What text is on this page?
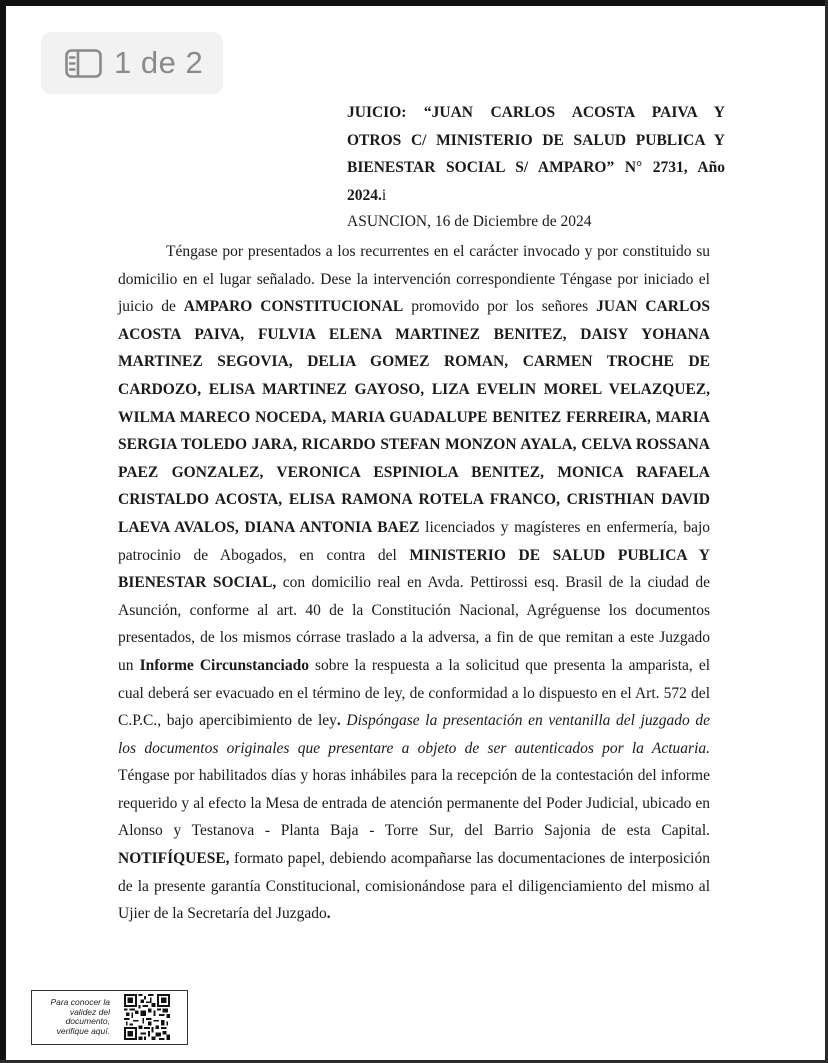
1 de 2
JUICIO: “JUAN CARLOS ACOSTA PAIVA Y
OTROS C/ MINISTERIO DE SALUD PUBLICA Y
BIENESTAR SOCIAL S/ AMPARO” N° 2731, Año

2024.i
ASUNCION, 16 de Diciembre de 2024

Téngase por presentados a los recurrentes en el carácter invocado y por constituido su domicilio en el lugar señalado. Dese la intervención correspondiente Téngase por iniciado el juicio de AMPARO CONSTITUCIONAL promovido por los señores JUAN CARLOS ACOSTA PAIVA, FULVIA ELENA MARTINEZ BENITEZ, DAISY YOHANA MARTINEZ SEGOVIA, DELIA GOMEZ ROMAN, CARMEN TROCHE DE CARDOZO, ELISA MARTINEZ GAYOSO, LIZA EVELIN MOREL VELAZQUEZ, WILMA MARECO NOCEDA, MARIA GUADALUPE BENITEZ FERREIRA, MARIA SERGIA TOLEDO JARA, RICARDO STEFAN MONZON AYALA, CELVA ROSSANA PAEZ GONZALEZ, VERONICA ESPINIOLA BENITEZ, MONICA RAFAELA CRISTALDO ACOSTA, ELISA RAMONA ROTELA FRANCO, CRISTHIAN DAVID LAEVA AVALOS, DIANA ANTONIA BAEZ licenciados y magísteres en enfermería, bajo patrocinio de Abogados, en contra del MINISTERIO DE SALUD PUBLICA Y BIENESTAR SOCIAL, con domicilio real en Avda. Pettirossi esq. Brasil de la ciudad de Asunción, conforme al art. 40 de la Constitución Nacional, Agréguense los documentos presentados, de los mismos córrase traslado a la adversa, a fin de que remitan a este Juzgado un Informe Circunstanciado sobre la respuesta a la solicitud que presenta la amparista, el cual deberá ser evacuado en el término de ley, de conformidad a lo dispuesto en el Art. 572 del C.P.C., bajo apercibimiento de ley. Dispóngase la presentación en ventanilla del juzgado de los documentos originales que presentare a objeto de ser autenticados por la Actuaria. Téngase por habilitados días y horas inhábiles para la recepción de la contestación del informe requerido y al efecto la Mesa de entrada de atención permanente del Poder Judicial, ubicado en Alonso y Testanova - Planta Baja - Torre Sur, del Barrio Sajonia de esta Capital. NOTIFÍQUESE, formato papel, debiendo acompañarse las documentaciones de interposición de la presente garantía Constitucional, comisionándose para el diligenciamiento del mismo al Ujier de la Secretaría del Juzgado.

Para conocer la
validez del
documento,
verifique aquí.
